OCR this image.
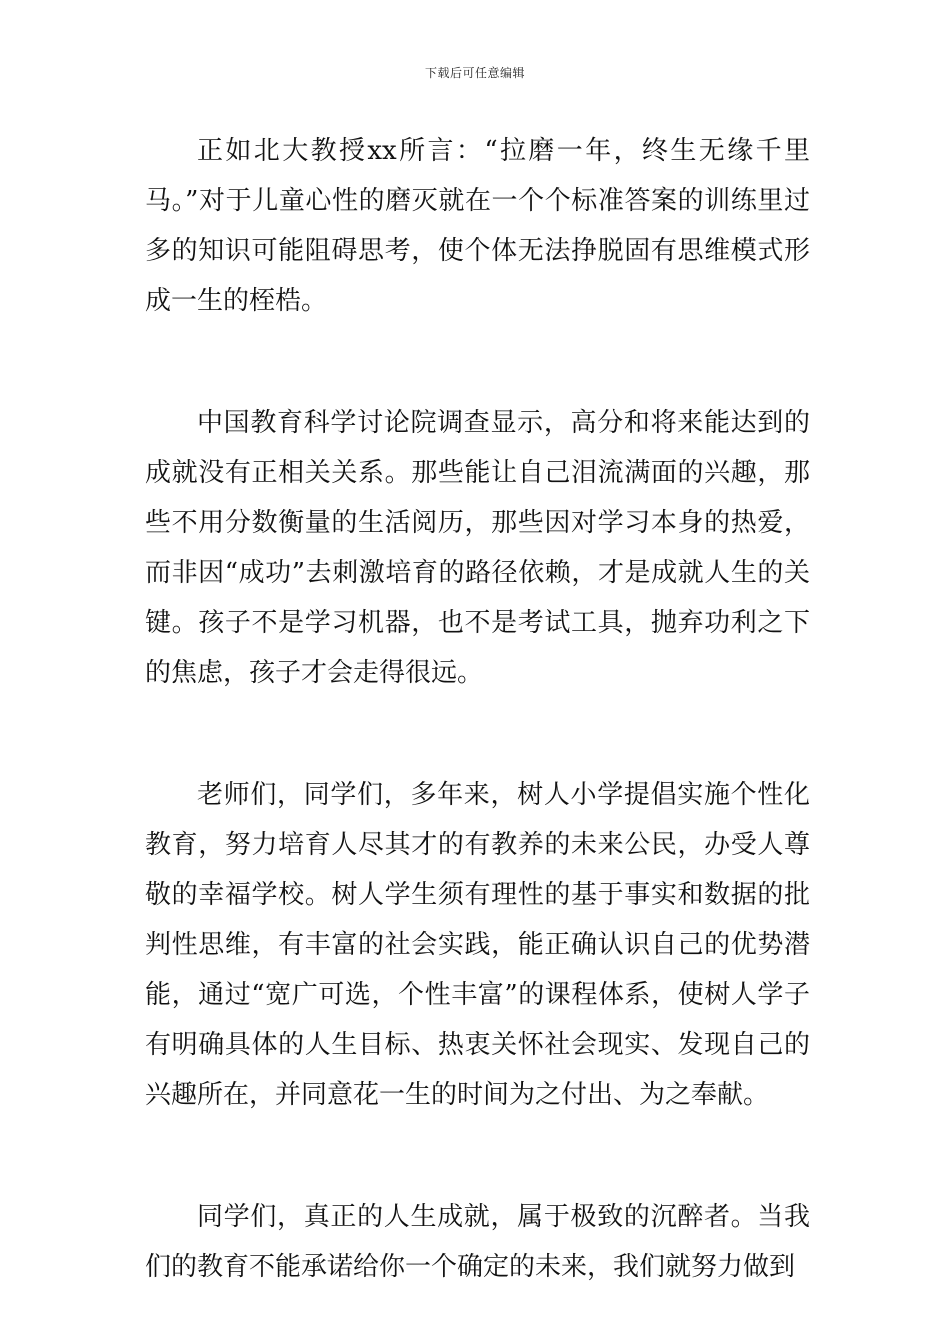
下载后可任意编辑

正如北大教授xx所言：“拉磨一年，终生无缘千里马。”对于儿童心性的磨灭就在一个个标准答案的训练里过多的知识可能阻碍思考，使个体无法挣脱固有思维模式形成一生的桎梏。

中国教育科学讨论院调查显示，高分和将来能达到的成就没有正相关关系。那些能让自己泪流满面的兴趣，那些不用分数衡量的生活阅历，那些因对学习本身的热爱，而非因“成功”去刺激培育的路径依赖，才是成就人生的关键。孩子不是学习机器，也不是考试工具，抛弃功利之下的焦虑，孩子才会走得很远。

老师们，同学们，多年来，树人小学提倡实施个性化教育，努力培育人尽其才的有教养的未来公民，办受人尊敬的幸福学校。树人学生须有理性的基于事实和数据的批判性思维，有丰富的社会实践，能正确认识自己的优势潜能，通过“宽广可选，个性丰富”的课程体系，使树人学子有明确具体的人生目标、热衷关怀社会现实、发现自己的兴趣所在，并同意花一生的时间为之付出、为之奉献。

同学们，真正的人生成就，属于极致的沉醉者。当我们的教育不能承诺给你一个确定的未来，我们就努力做到
